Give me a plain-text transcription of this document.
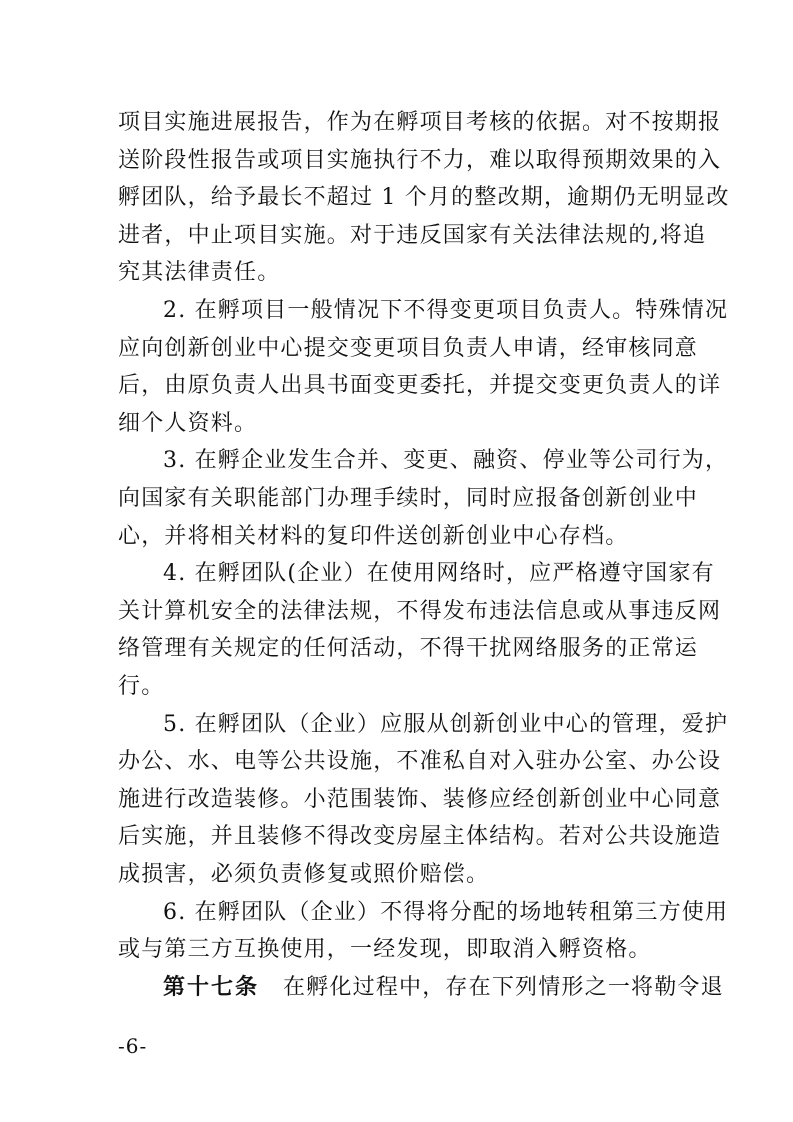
项目实施进展报告，作为在孵项目考核的依据。对不按期报
送阶段性报告或项目实施执行不力，难以取得预期效果的入
孵团队，给予最长不超过 1 个月的整改期，逾期仍无明显改
进者，中止项目实施。对于违反国家有关法律法规的,将追
究其法律责任。
2. 在孵项目一般情况下不得变更项目负责人。特殊情况
应向创新创业中心提交变更项目负责人申请，经审核同意
后，由原负责人出具书面变更委托，并提交变更负责人的详
细个人资料。
3. 在孵企业发生合并、变更、融资、停业等公司行为，
向国家有关职能部门办理手续时，同时应报备创新创业中
心，并将相关材料的复印件送创新创业中心存档。
4. 在孵团队(企业）在使用网络时，应严格遵守国家有
关计算机安全的法律法规，不得发布违法信息或从事违反网
络管理有关规定的任何活动，不得干扰网络服务的正常运
行。
5. 在孵团队（企业）应服从创新创业中心的管理，爱护
办公、水、电等公共设施，不准私自对入驻办公室、办公设
施进行改造装修。小范围装饰、装修应经创新创业中心同意
后实施，并且装修不得改变房屋主体结构。若对公共设施造
成损害，必须负责修复或照价赔偿。
6. 在孵团队（企业）不得将分配的场地转租第三方使用
或与第三方互换使用，一经发现，即取消入孵资格。
第十七条 在孵化过程中，存在下列情形之一将勒令退
-6-
